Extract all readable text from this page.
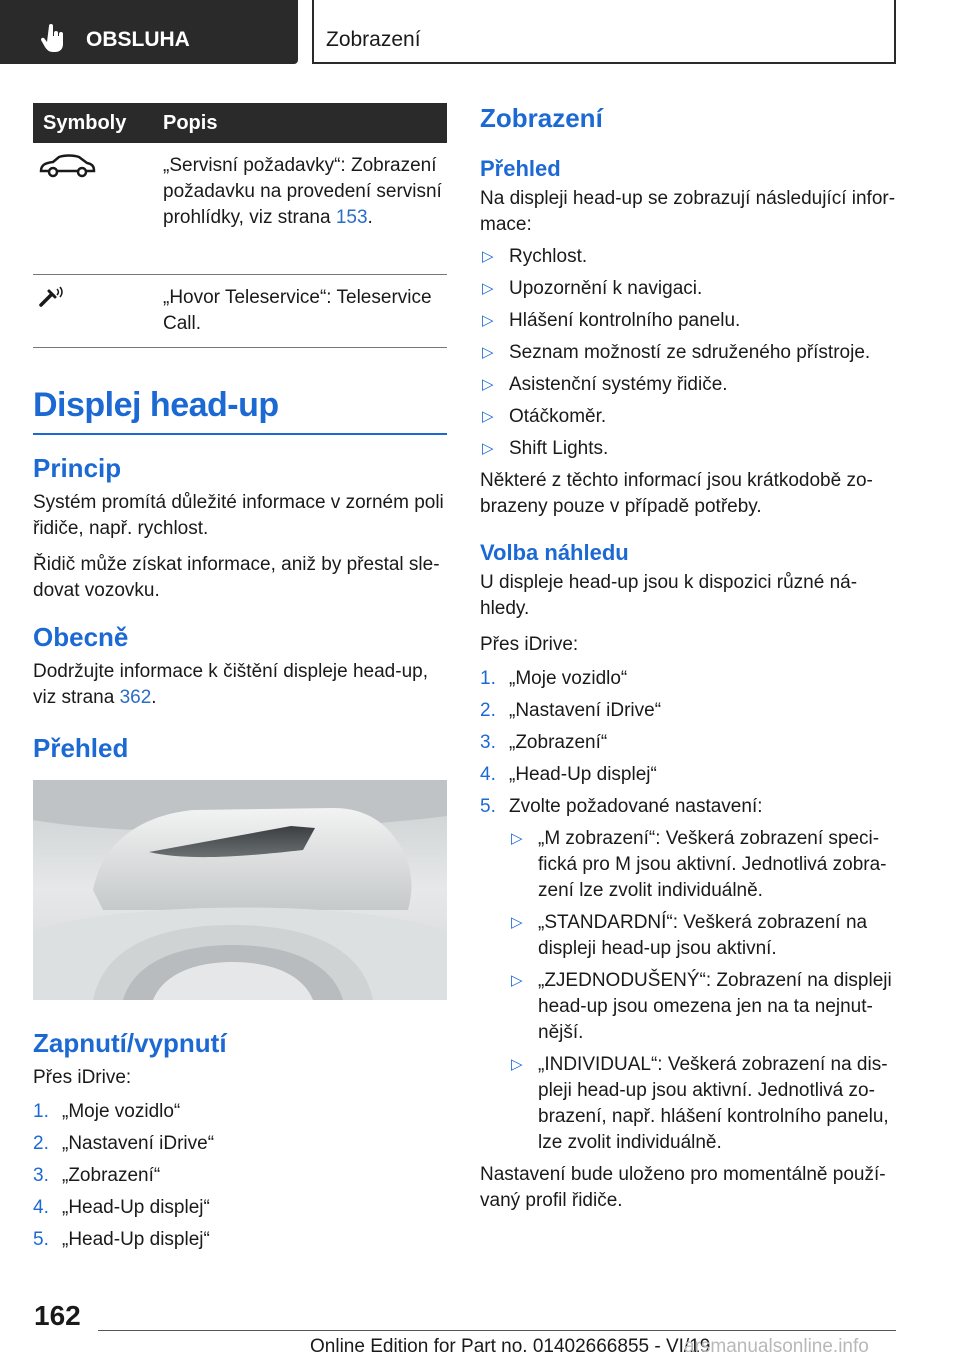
OBSLUHA	Zobrazení
Symboly	Popis
	„Servisní požadavky“: Zobrazení požadavku na provedení servisní prohlídky, viz strana 153.
	„Hovor Teleservice“: Teleservice Call.
Displej head-up
Princip
Systém promítá důležité informace v zorném poli řidiče, např. rychlost.
Řidič může získat informace, aniž by přestal sle-dovat vozovku.
Obecně
Dodržujte informace k čištění displeje head-up, viz strana 362.
Přehled
Zapnutí/vypnutí
Přes iDrive:
1. „Moje vozidlo“
2. „Nastavení iDrive“
3. „Zobrazení“
4. „Head-Up displej“
5. „Head-Up displej“
Zobrazení
Přehled
Na displeji head-up se zobrazují následující infor-mace:
▷ Rychlost.
▷ Upozornění k navigaci.
▷ Hlášení kontrolního panelu.
▷ Seznam možností ze sdruženého přístroje.
▷ Asistenční systémy řidiče.
▷ Otáčkoměr.
▷ Shift Lights.
Některé z těchto informací jsou krátkodobě zo-brazeny pouze v případě potřeby.
Volba náhledu
U displeje head-up jsou k dispozici různé ná-hledy.
Přes iDrive:
1. „Moje vozidlo“
2. „Nastavení iDrive“
3. „Zobrazení“
4. „Head-Up displej“
5. Zvolte požadované nastavení:
▷ „M zobrazení“: Veškerá zobrazení speci-fická pro M jsou aktivní. Jednotlivá zobra-zení lze zvolit individuálně.
▷ „STANDARDNÍ“: Veškerá zobrazení na displeji head-up jsou aktivní.
▷ „ZJEDNODUŠENÝ“: Zobrazení na displeji head-up jsou omezena jen na ta nejnut-nější.
▷ „INDIVIDUAL“: Veškerá zobrazení na dis-pleji head-up jsou aktivní. Jednotlivá zo-brazení, např. hlášení kontrolního panelu, lze zvolit individuálně.
Nastavení bude uloženo pro momentálně použí-vaný profil řidiče.
162
Online Edition for Part no. 01402666855 - VI/19
arsmanualsonline.info
